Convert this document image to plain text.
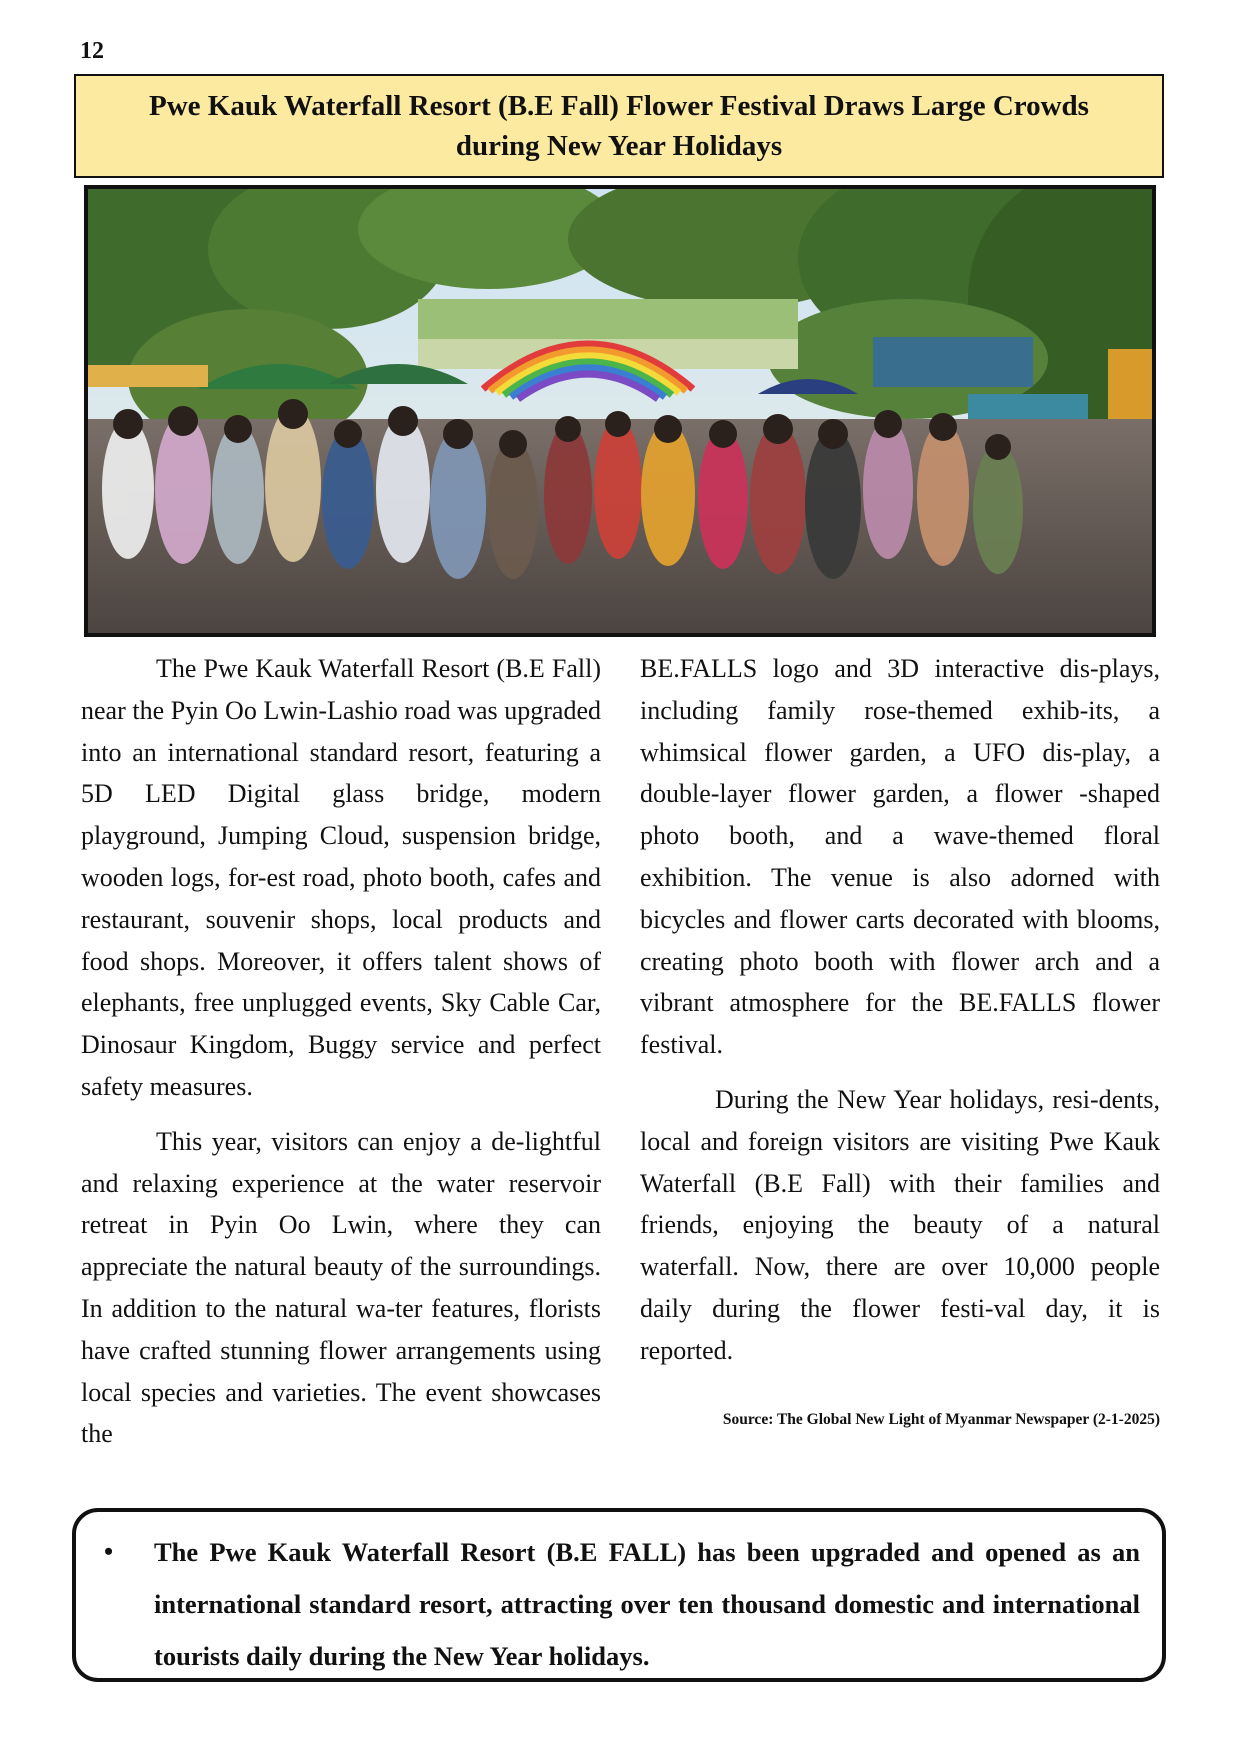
12
Pwe Kauk Waterfall Resort (B.E Fall) Flower Festival Draws Large Crowds during New Year Holidays

The Pwe Kauk Waterfall Resort (B.E Fall) near the Pyin Oo Lwin-Lashio road was upgraded into an international standard resort, featuring a 5D LED Digital glass bridge, modern playground, Jumping Cloud, suspension bridge, wooden logs, for-est road, photo booth, cafes and restaurant, souvenir shops, local products and food shops. Moreover, it offers talent shows of elephants, free unplugged events, Sky Cable Car, Dinosaur Kingdom, Buggy service and perfect safety measures.

This year, visitors can enjoy a de-lightful and relaxing experience at the water reservoir retreat in Pyin Oo Lwin, where they can appreciate the natural beauty of the surroundings. In addition to the natural wa-ter features, florists have crafted stunning flower arrangements using local species and varieties. The event showcases the

BE.FALLS logo and 3D interactive dis-plays, including family rose-themed exhib-its, a whimsical flower garden, a UFO dis-play, a double-layer flower garden, a flower -shaped photo booth, and a wave-themed floral exhibition. The venue is also adorned with bicycles and flower carts decorated with blooms, creating photo booth with flower arch and a vibrant atmosphere for the BE.FALLS flower festival.

During the New Year holidays, resi-dents, local and foreign visitors are visiting Pwe Kauk Waterfall (B.E Fall) with their families and friends, enjoying the beauty of a natural waterfall. Now, there are over 10,000 people daily during the flower festi-val day, it is reported.

Source: The Global New Light of Myanmar Newspaper (2-1-2025)

• The Pwe Kauk Waterfall Resort (B.E FALL) has been upgraded and opened as an international standard resort, attracting over ten thousand domestic and international tourists daily during the New Year holidays.
